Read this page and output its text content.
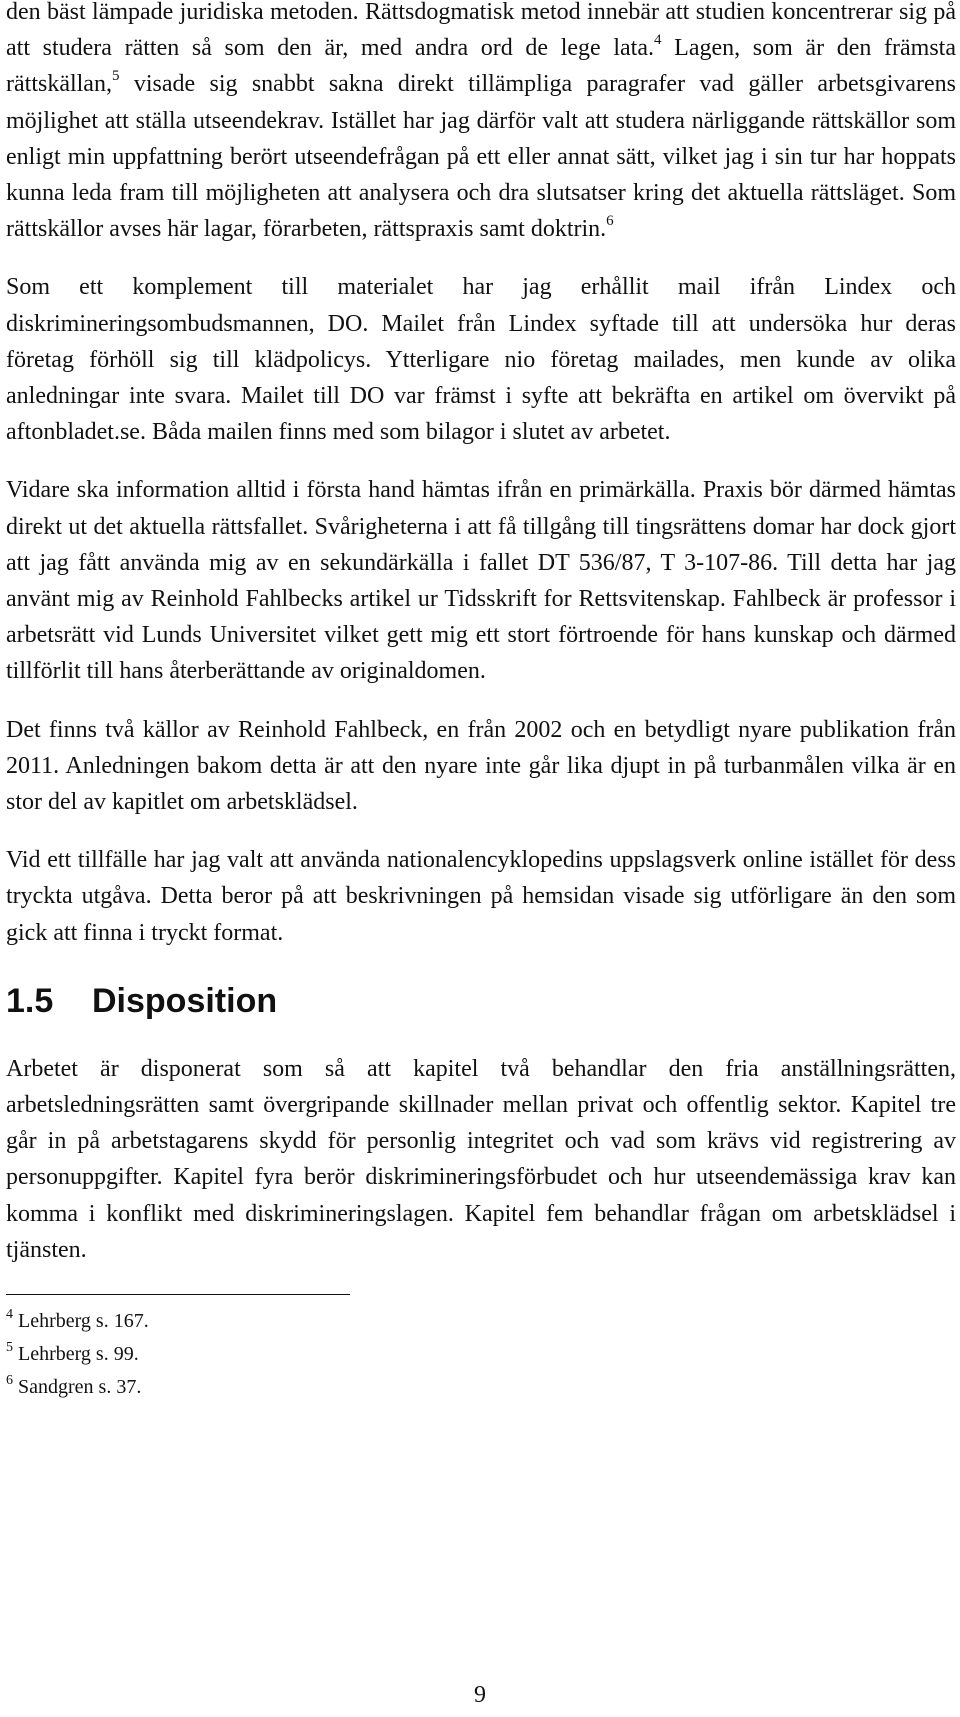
den bäst lämpade juridiska metoden. Rättsdogmatisk metod innebär att studien koncentrerar sig på att studera rätten så som den är, med andra ord de lege lata.$^4$ Lagen, som är den främsta rättskällan,$^5$ visade sig snabbt sakna direkt tillämpliga paragrafer vad gäller arbetsgivarens möjlighet att ställa utseendekrav. Istället har jag därför valt att studera närliggande rättskällor som enligt min uppfattning berört utseendefrågan på ett eller annat sätt, vilket jag i sin tur har hoppats kunna leda fram till möjligheten att analysera och dra slutsatser kring det aktuella rättsläget. Som rättskällor avses här lagar, förarbeten, rättspraxis samt doktrin.$^6$

Som ett komplement till materialet har jag erhållit mail ifrån Lindex och diskrimineringsombudsmannen, DO. Mailet från Lindex syftade till att undersöka hur deras företag förhöll sig till klädpolicys. Ytterligare nio företag mailades, men kunde av olika anledningar inte svara. Mailet till DO var främst i syfte att bekräfta en artikel om övervikt på aftonbladet.se. Båda mailen finns med som bilagor i slutet av arbetet.

Vidare ska information alltid i första hand hämtas ifrån en primärkälla. Praxis bör därmed hämtas direkt ut det aktuella rättsfallet. Svårigheterna i att få tillgång till tingsrättens domar har dock gjort att jag fått använda mig av en sekundärkälla i fallet DT 536/87, T 3-107-86. Till detta har jag använt mig av Reinhold Fahlbecks artikel ur Tidsskrift for Rettsvitenskap. Fahlbeck är professor i arbetsrätt vid Lunds Universitet vilket gett mig ett stort förtroende för hans kunskap och därmed tillförlit till hans återberättande av originaldomen.

Det finns två källor av Reinhold Fahlbeck, en från 2002 och en betydligt nyare publikation från 2011. Anledningen bakom detta är att den nyare inte går lika djupt in på turbanmålen vilka är en stor del av kapitlet om arbetsklädsel.

Vid ett tillfälle har jag valt att använda nationalencyklopedins uppslagsverk online istället för dess tryckta utgåva. Detta beror på att beskrivningen på hemsidan visade sig utförligare än den som gick att finna i tryckt format.

1.5 Disposition

Arbetet är disponerat som så att kapitel två behandlar den fria anställningsrätten, arbetsledningsrätten samt övergripande skillnader mellan privat och offentlig sektor. Kapitel tre går in på arbetstagarens skydd för personlig integritet och vad som krävs vid registrering av personuppgifter. Kapitel fyra berör diskrimineringsförbudet och hur utseendemässiga krav kan komma i konflikt med diskrimineringslagen. Kapitel fem behandlar frågan om arbetsklädsel i tjänsten.

$^4$ Lehrberg s. 167.

$^5$ Lehrberg s. 99.

$^6$ Sandgren s. 37.

9
